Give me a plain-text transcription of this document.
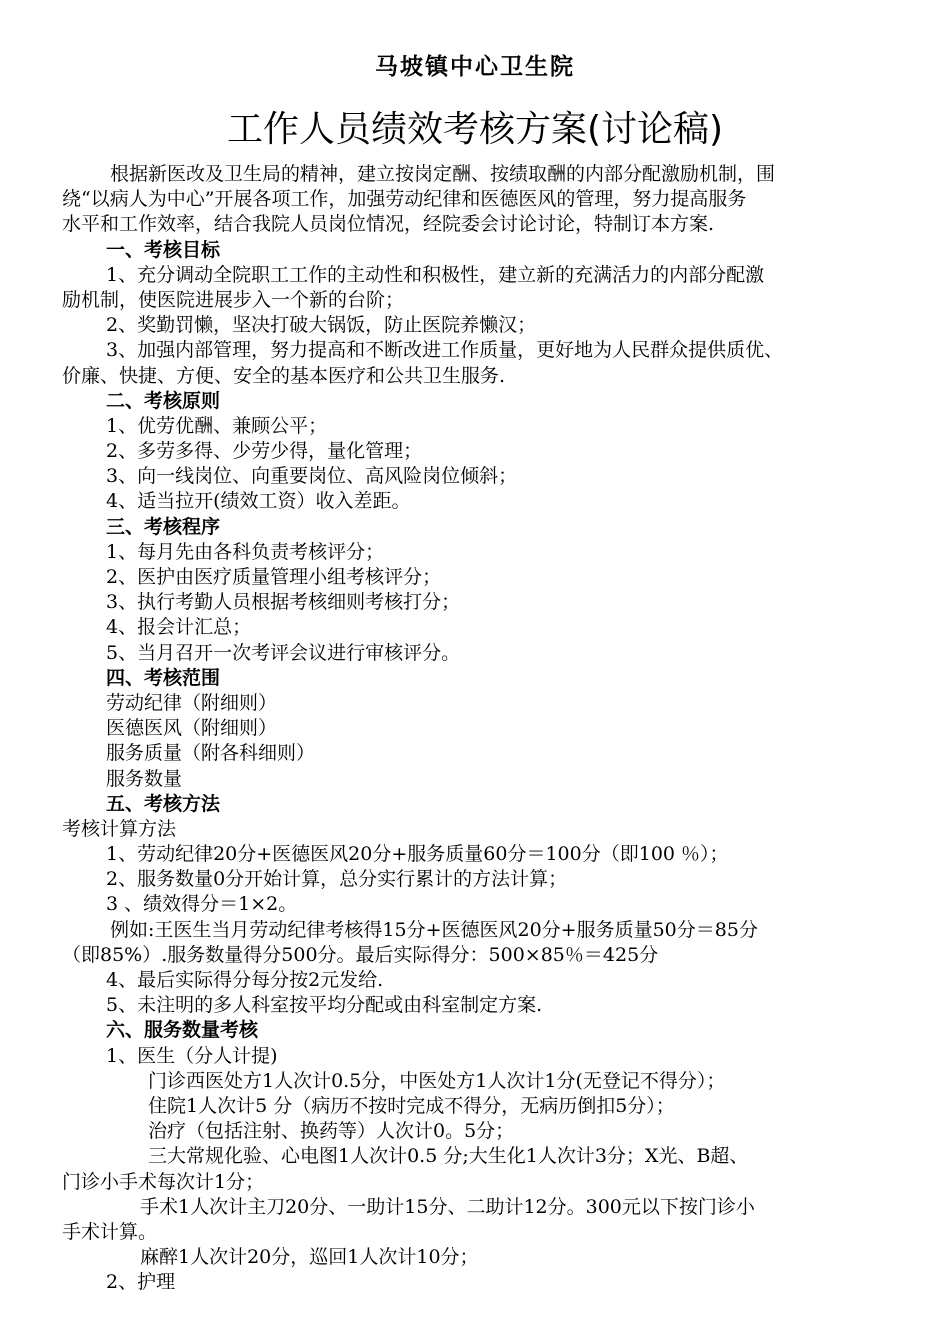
马坡镇中心卫生院
工作人员绩效考核方案(讨论稿)
根据新医改及卫生局的精神，建立按岗定酬、按绩取酬的内部分配激励机制，围
绕“以病人为中心”开展各项工作，加强劳动纪律和医德医风的管理，努力提高服务
水平和工作效率，结合我院人员岗位情况，经院委会讨论讨论，特制订本方案.
一、考核目标
1、充分调动全院职工工作的主动性和积极性，建立新的充满活力的内部分配激
励机制，使医院进展步入一个新的台阶；
2、奖勤罚懒，坚决打破大锅饭，防止医院养懒汉；
3、加强内部管理，努力提高和不断改进工作质量，更好地为人民群众提供质优、
价廉、快捷、方便、安全的基本医疗和公共卫生服务.
二、考核原则
1、优劳优酬、兼顾公平；
2、多劳多得、少劳少得，量化管理；
3、向一线岗位、向重要岗位、高风险岗位倾斜；
4、适当拉开(绩效工资）收入差距。
三、考核程序
1、每月先由各科负责考核评分；
2、医护由医疗质量管理小组考核评分；
3、执行考勤人员根据考核细则考核打分；
4、报会计汇总；
5、当月召开一次考评会议进行审核评分。
四、考核范围
劳动纪律（附细则）
医德医风（附细则）
服务质量（附各科细则）
服务数量
五、考核方法
考核计算方法
1、劳动纪律20分+医德医风20分+服务质量60分＝100分（即100 ％）；
2、服务数量0分开始计算，总分实行累计的方法计算；
3 、绩效得分＝1×2。
例如:王医生当月劳动纪律考核得15分+医德医风20分+服务质量50分＝85分
（即85%）.服务数量得分500分。最后实际得分：500×85％＝425分
4、最后实际得分每分按2元发给.
5、未注明的多人科室按平均分配或由科室制定方案.
六、服务数量考核
1、医生（分人计提)
门诊西医处方1人次计0.5分，中医处方1人次计1分(无登记不得分）；
住院1人次计5 分（病历不按时完成不得分，无病历倒扣5分）；
治疗（包括注射、换药等）人次计0。5分；
三大常规化验、心电图1人次计0.5 分;大生化1人次计3分；X光、B超、
门诊小手术每次计1分；
手术1人次计主刀20分、一助计15分、二助计12分。300元以下按门诊小
手术计算。
麻醉1人次计20分，巡回1人次计10分；
2、护理
